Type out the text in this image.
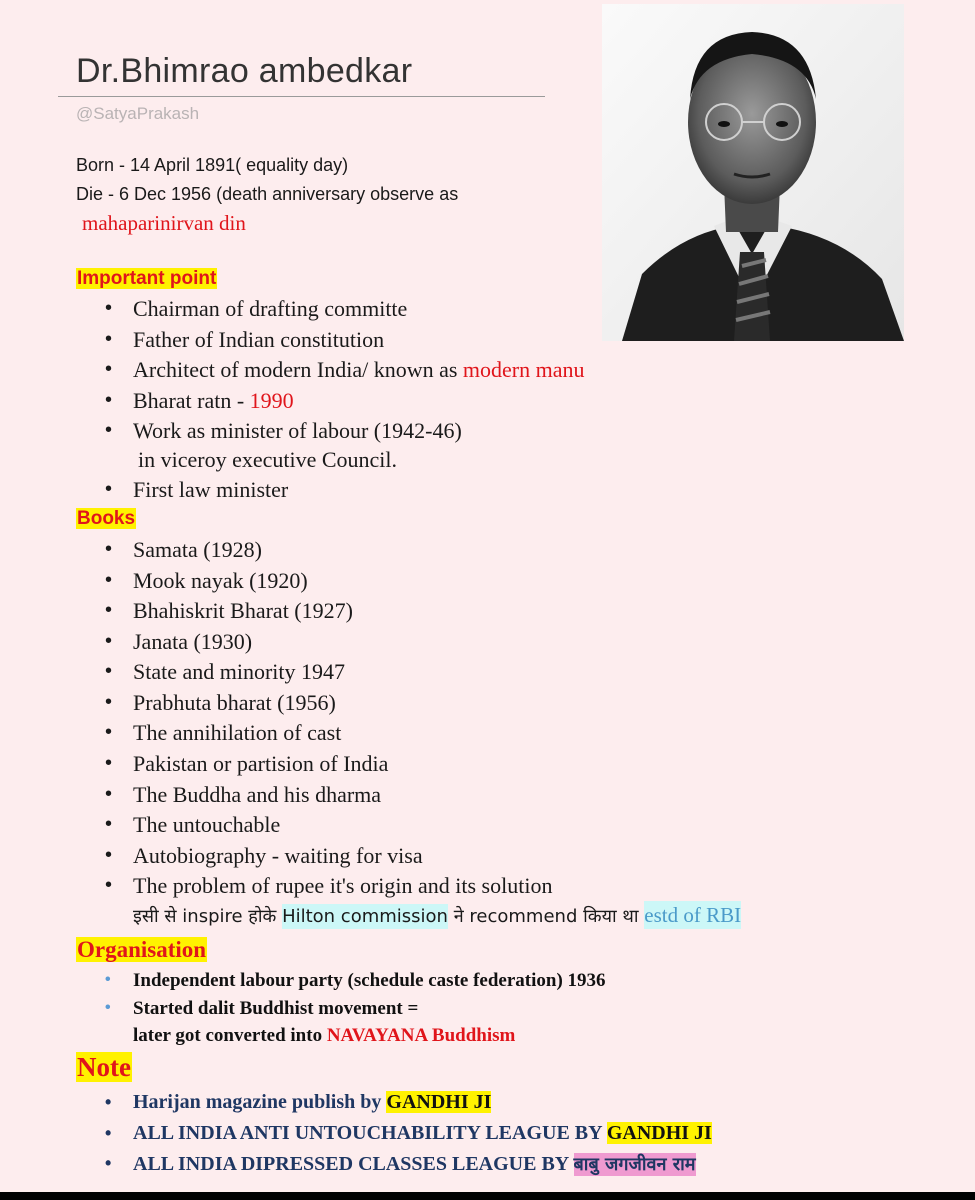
Dr.Bhimrao ambedkar
@SatyaPrakash
Born - 14 April 1891( equality day)
Die - 6 Dec 1956 (death anniversary observe as
mahaparinirvan din
Important point
Chairman of drafting committe
Father of Indian constitution
Architect of modern India/ known as modern manu
Bharat ratn - 1990
Work as minister of labour (1942-46)
in viceroy executive Council.
First law minister
Books
Samata (1928)
Mook nayak (1920)
Bhahiskrit Bharat (1927)
Janata (1930)
State and minority 1947
Prabhuta bharat (1956)
The annihilation of cast
Pakistan or partision of India
The Buddha and his dharma
The untouchable
Autobiography - waiting for visa
The problem of rupee it's origin and its solution
इसी से inspire होके Hilton commission ने recommend किया था estd of RBI
Organisation
Independent labour party (schedule caste federation) 1936
Started dalit Buddhist movement =
later got converted into NAVAYANA Buddhism
Note
Harijan magazine publish by GANDHI JI
ALL INDIA ANTI UNTOUCHABILITY LEAGUE BY GANDHI JI
ALL INDIA DIPRESSED CLASSES LEAGUE BY बाबु जगजीवन राम
